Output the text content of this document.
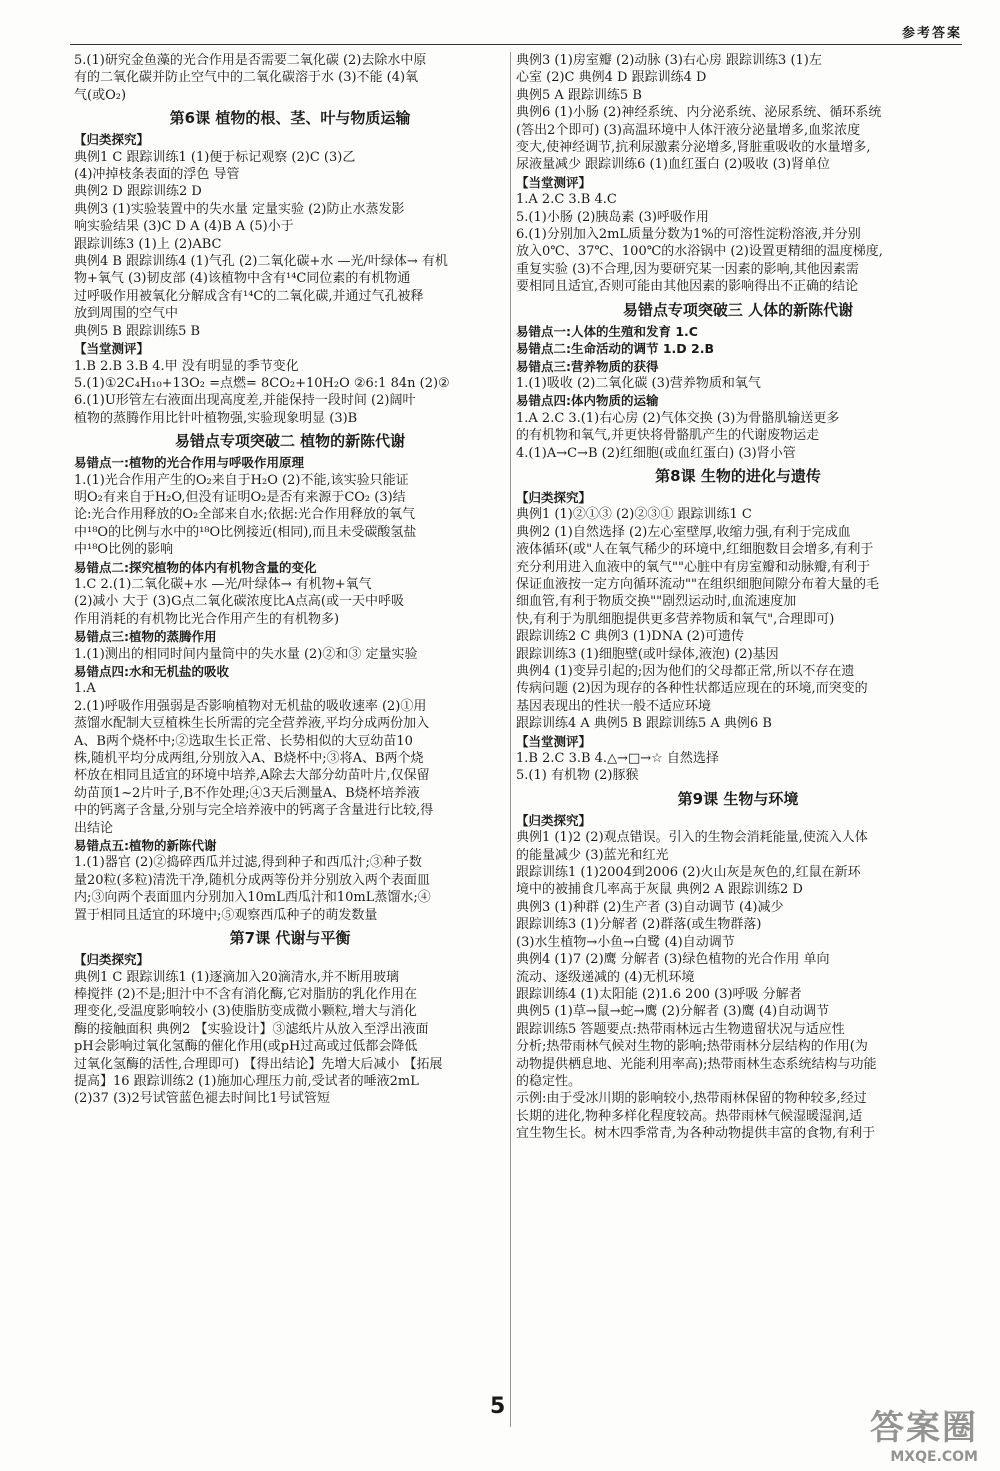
参考答案
5.(1)研究金鱼藻的光合作用是否需要二氧化碳 (2)去除水中原
有的二氧化碳并防止空气中的二氧化碳溶于水 (3)不能 (4)氧
气(或O₂)
第6课 植物的根、茎、叶与物质运输
【归类探究】
典例1 C 跟踪训练1 (1)便于标记观察 (2)C (3)乙
(4)冲掉枝条表面的浮色 导管
典例2 D 跟踪训练2 D
典例3 (1)实验装置中的失水量 定量实验 (2)防止水蒸发影
响实验结果 (3)C D A (4)B A (5)小于
跟踪训练3 (1)上 (2)ABC
典例4 B 跟踪训练4 (1)气孔 (2)二氧化碳+水 —光/叶绿体→ 有机
物+氧气 (3)韧皮部 (4)该植物中含有¹⁴C同位素的有机物通
过呼吸作用被氧化分解成含有¹⁴C的二氧化碳,并通过气孔被释
放到周围的空气中
典例5 B 跟踪训练5 B
【当堂测评】
1.B 2.B 3.B 4.甲 没有明显的季节变化
5.(1)①2C₄H₁₀+13O₂ =点燃= 8CO₂+10H₂O ②6:1 84n (2)②
6.(1)U形管左右液面出现高度差,并能保持一段时间 (2)阔叶
植物的蒸腾作用比针叶植物强,实验现象明显 (3)B
易错点专项突破二 植物的新陈代谢
易错点一:植物的光合作用与呼吸作用原理
1.(1)光合作用产生的O₂来自于H₂O (2)不能,该实验只能证
明O₂有来自于H₂O,但没有证明O₂是否有来源于CO₂ (3)结
论:光合作用释放的O₂全部来自水;依据:光合作用释放的氧气
中¹⁸O的比例与水中的¹⁸O比例接近(相同),而且未受碳酸氢盐
中¹⁸O比例的影响
易错点二:探究植物的体内有机物含量的变化
1.C 2.(1)二氧化碳+水 —光/叶绿体→ 有机物+氧气
(2)减小 大于 (3)G点二氧化碳浓度比A点高(或一天中呼吸
作用消耗的有机物比光合作用产生的有机物多)
易错点三:植物的蒸腾作用
1.(1)测出的相同时间内量筒中的失水量 (2)②和③ 定量实验
易错点四:水和无机盐的吸收
1.A
2.(1)呼吸作用强弱是否影响植物对无机盐的吸收速率 (2)①用
蒸馏水配制大豆植株生长所需的完全营养液,平均分成两份加入
A、B两个烧杯中;②选取生长正常、长势相似的大豆幼苗10
株,随机平均分成两组,分别放入A、B烧杯中;③将A、B两个烧
杯放在相同且适宜的环境中培养,A除去大部分幼苗叶片,仅保留
幼苗顶1~2片叶子,B不作处理;④3天后测量A、B烧杯培养液
中的钙离子含量,分别与完全培养液中的钙离子含量进行比较,得
出结论
易错点五:植物的新陈代谢
1.(1)器官 (2)②捣碎西瓜并过滤,得到种子和西瓜汁;③种子数
量20粒(多粒)清洗干净,随机分成两等份并分别放入两个表面皿
内;③向两个表面皿内分别加入10mL西瓜汁和10mL蒸馏水;④
置于相同且适宜的环境中;⑤观察西瓜种子的萌发数量
第7课 代谢与平衡
【归类探究】
典例1 C 跟踪训练1 (1)逐滴加入20滴清水,并不断用玻璃
棒搅拌 (2)不是;胆汁中不含有消化酶,它对脂肪的乳化作用在
理变化,受温度影响较小 (3)使脂肪变成微小颗粒,增大与消化
酶的接触面积 典例2 【实验设计】③滤纸片从放入至浮出液面
pH会影响过氧化氢酶的催化作用(或pH过高或过低都会降低
过氧化氢酶的活性,合理即可) 【得出结论】先增大后减小 【拓展
提高】16 跟踪训练2 (1)施加心理压力前,受试者的唾液2mL
(2)37 (3)2号试管蓝色褪去时间比1号试管短
典例3 (1)房室瓣 (2)动脉 (3)右心房 跟踪训练3 (1)左
心室 (2)C 典例4 D 跟踪训练4 D
典例5 A 跟踪训练5 B
典例6 (1)小肠 (2)神经系统、内分泌系统、泌尿系统、循环系统
(答出2个即可) (3)高温环境中人体汗液分泌量增多,血浆浓度
变大,使神经调节,抗利尿激素分泌增多,肾脏重吸收的水量增多,
尿液量减少 跟踪训练6 (1)血红蛋白 (2)吸收 (3)肾单位
【当堂测评】
1.A 2.C 3.B 4.C
5.(1)小肠 (2)胰岛素 (3)呼吸作用
6.(1)分别加入2mL质量分数为1%的可溶性淀粉溶液,并分别
放入0℃、37℃、100℃的水浴锅中 (2)设置更精细的温度梯度,
重复实验 (3)不合理,因为要研究某一因素的影响,其他因素需
要相同且适宜,否则可能由其他因素的影响得出不正确的结论
易错点专项突破三 人体的新陈代谢
易错点一:人体的生殖和发育 1.C
易错点二:生命活动的调节 1.D 2.B
易错点三:营养物质的获得
1.(1)吸收 (2)二氧化碳 (3)营养物质和氧气
易错点四:体内物质的运输
1.A 2.C 3.(1)右心房 (2)气体交换 (3)为骨骼肌输送更多
的有机物和氧气,并更快将骨骼肌产生的代谢废物运走
4.(1)A→C→B (2)红细胞(或血红蛋白) (3)肾小管
第8课 生物的进化与遗传
【归类探究】
典例1 (1)②①③ (2)②③① 跟踪训练1 C
典例2 (1)自然选择 (2)左心室壁厚,收缩力强,有利于完成血
液体循环(或"人在氧气稀少的环境中,红细胞数目会增多,有利于
充分利用进入血液中的氧气""心脏中有房室瓣和动脉瓣,有利于
保证血液按一定方向循环流动""在组织细胞间隙分布着大量的毛
细血管,有利于物质交换""剧烈运动时,血流速度加
快,有利于为肌细胞提供更多营养物质和氧气",合理即可)
跟踪训练2 C 典例3 (1)DNA (2)可遗传
跟踪训练3 (1)细胞壁(或叶绿体,液泡) (2)基因
典例4 (1)变异引起的;因为他们的父母都正常,所以不存在遗
传病问题 (2)因为现存的各种性状都适应现在的环境,而突变的
基因表现出的性状一般不适应环境
跟踪训练4 A 典例5 B 跟踪训练5 A 典例6 B
【当堂测评】
1.B 2.C 3.B 4.△→□→☆ 自然选择
5.(1) 有机物 (2)豚猴
第9课 生物与环境
【归类探究】
典例1 (1)2 (2)观点错误。引入的生物会消耗能量,使流入人体
的能量减少 (3)蓝光和红光
跟踪训练1 (1)2004到2006 (2)火山灰是灰色的,红鼠在新环
境中的被捕食几率高于灰鼠 典例2 A 跟踪训练2 D
典例3 (1)种群 (2)生产者 (3)自动调节 (4)减少
跟踪训练3 (1)分解者 (2)群落(或生物群落)
(3)水生植物→小鱼→白鹭 (4)自动调节
典例4 (1)7 (2)鹰 分解者 (3)绿色植物的光合作用 单向
流动、逐级递减的 (4)无机环境
跟踪训练4 (1)太阳能 (2)1.6 200 (3)呼吸 分解者
典例5 (1)草→鼠→蛇→鹰 (2)分解者 (3)鹰 (4)自动调节
跟踪训练5 答题要点:热带雨林远古生物遗留状况与适应性
分析;热带雨林气候对生物的影响;热带雨林分层结构的作用(为
动物提供栖息地、光能利用率高);热带雨林生态系统结构与功能
的稳定性。
示例:由于受冰川期的影响较小,热带雨林保留的物种较多,经过
长期的进化,物种多样化程度较高。热带雨林气候湿暖湿润,适
宜生物生长。树木四季常青,为各种动物提供丰富的食物,有利于
5
答案圈
MXQE.COM
